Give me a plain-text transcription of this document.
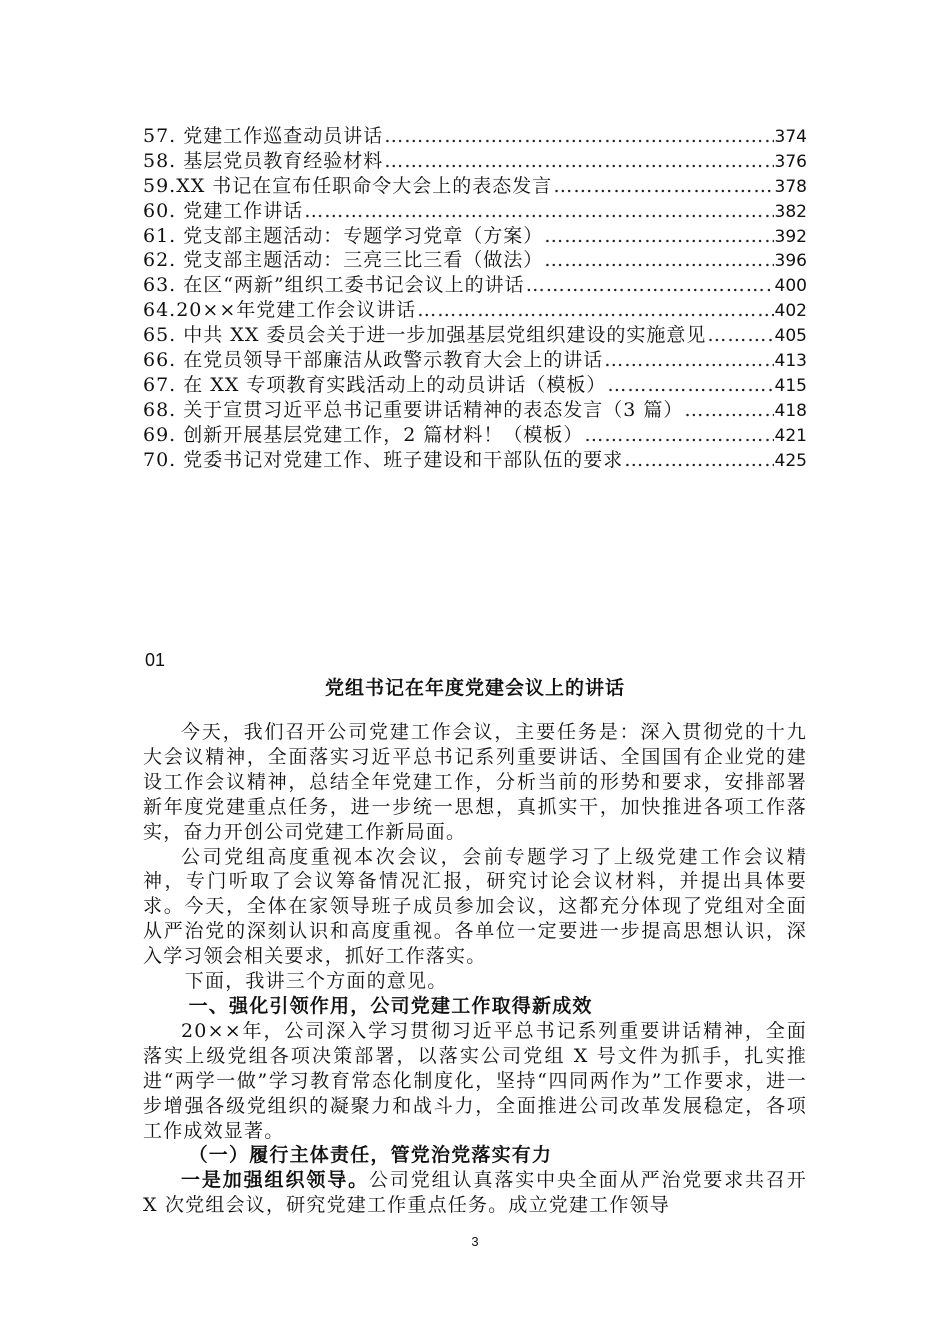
57. 党建工作巡查动员讲话 …………………………………………………………………………………………………………………………………………………	374
58. 基层党员教育经验材料 …………………………………………………………………………………………………………………………………………………	376
59.XX 书记在宣布任职命令大会上的表态发言 …………………………………………………………………………………………………………………………………………………	378
60. 党建工作讲话 …………………………………………………………………………………………………………………………………………………	382
61. 党支部主题活动：专题学习党章（方案） …………………………………………………………………………………………………………………………………………………	392
62. 党支部主题活动：三亮三比三看（做法） …………………………………………………………………………………………………………………………………………………	396
63. 在区“两新”组织工委书记会议上的讲话 …………………………………………………………………………………………………………………………………………………	400
64.20××年党建工作会议讲话 …………………………………………………………………………………………………………………………………………………	402
65. 中共 XX 委员会关于进一步加强基层党组织建设的实施意见 …………………………………………………………………………………………………………………………………………………	405
66. 在党员领导干部廉洁从政警示教育大会上的讲话 …………………………………………………………………………………………………………………………………………………	413
67. 在 XX 专项教育实践活动上的动员讲话（模板） …………………………………………………………………………………………………………………………………………………	415
68. 关于宣贯习近平总书记重要讲话精神的表态发言（3 篇） …………………………………………………………………………………………………………………………………………………	418
69. 创新开展基层党建工作，2 篇材料！（模板） …………………………………………………………………………………………………………………………………………………	421
70. 党委书记对党建工作、班子建设和干部队伍的要求 …………………………………………………………………………………………………………………………………………………	425
01
党组书记在年度党建会议上的讲话

今天，我们召开公司党建工作会议，主要任务是：深入贯彻党的十九大会议精神，全面落实习近平总书记系列重要讲话、全国国有企业党的建设工作会议精神，总结全年党建工作，分析当前的形势和要求，安排部署新年度党建重点任务，进一步统一思想，真抓实干，加快推进各项工作落实，奋力开创公司党建工作新局面。

公司党组高度重视本次会议，会前专题学习了上级党建工作会议精神，专门听取了会议筹备情况汇报，研究讨论会议材料，并提出具体要求。今天，全体在家领导班子成员参加会议，这都充分体现了党组对全面从严治党的深刻认识和高度重视。各单位一定要进一步提高思想认识，深入学习领会相关要求，抓好工作落实。

下面，我讲三个方面的意见。

一、强化引领作用，公司党建工作取得新成效

20××年，公司深入学习贯彻习近平总书记系列重要讲话精神，全面落实上级党组各项决策部署，以落实公司党组 X 号文件为抓手，扎实推进“两学一做”学习教育常态化制度化，坚持“四同两作为”工作要求，进一步增强各级党组织的凝聚力和战斗力，全面推进公司改革发展稳定，各项工作成效显著。

（一）履行主体责任，管党治党落实有力

一是加强组织领导。公司党组认真落实中央全面从严治党要求共召开 X 次党组会议，研究党建工作重点任务。成立党建工作领导

3
